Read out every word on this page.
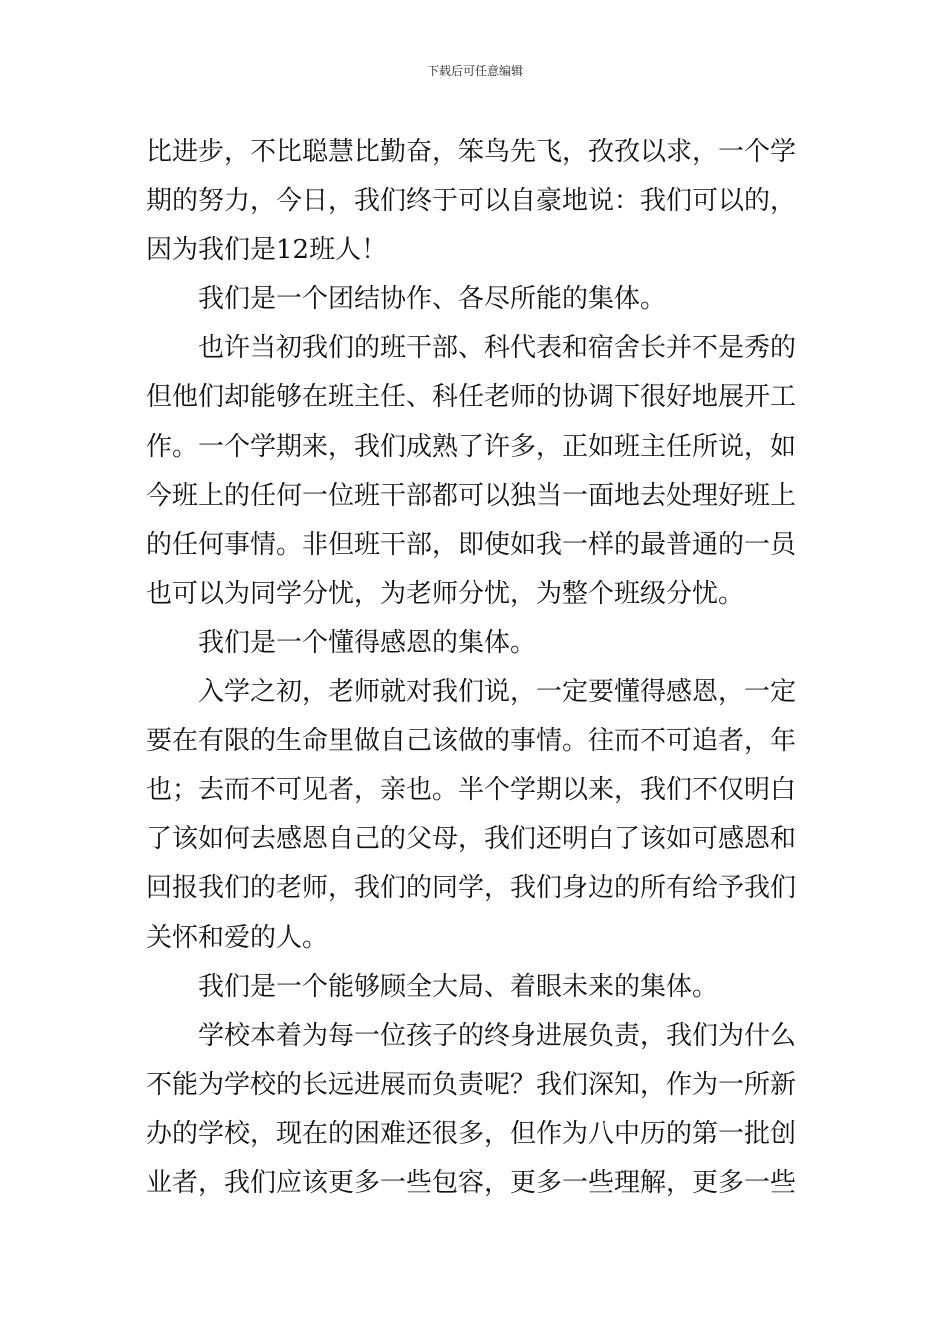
下载后可任意编辑
比进步，不比聪慧比勤奋，笨鸟先飞，孜孜以求，一个学
期的努力，今日，我们终于可以自豪地说：我们可以的，
因为我们是12班人！
我们是一个团结协作、各尽所能的集体。
也许当初我们的班干部、科代表和宿舍长并不是秀的
但他们却能够在班主任、科任老师的协调下很好地展开工
作。一个学期来，我们成熟了许多，正如班主任所说，如
今班上的任何一位班干部都可以独当一面地去处理好班上
的任何事情。非但班干部，即使如我一样的最普通的一员
也可以为同学分忧，为老师分忧，为整个班级分忧。
我们是一个懂得感恩的集体。
入学之初，老师就对我们说，一定要懂得感恩，一定
要在有限的生命里做自己该做的事情。往而不可追者，年
也；去而不可见者，亲也。半个学期以来，我们不仅明白
了该如何去感恩自己的父母，我们还明白了该如可感恩和
回报我们的老师，我们的同学，我们身边的所有给予我们
关怀和爱的人。
我们是一个能够顾全大局、着眼未来的集体。
学校本着为每一位孩子的终身进展负责，我们为什么
不能为学校的长远进展而负责呢？我们深知，作为一所新
办的学校，现在的困难还很多，但作为八中历的第一批创
业者，我们应该更多一些包容，更多一些理解，更多一些
